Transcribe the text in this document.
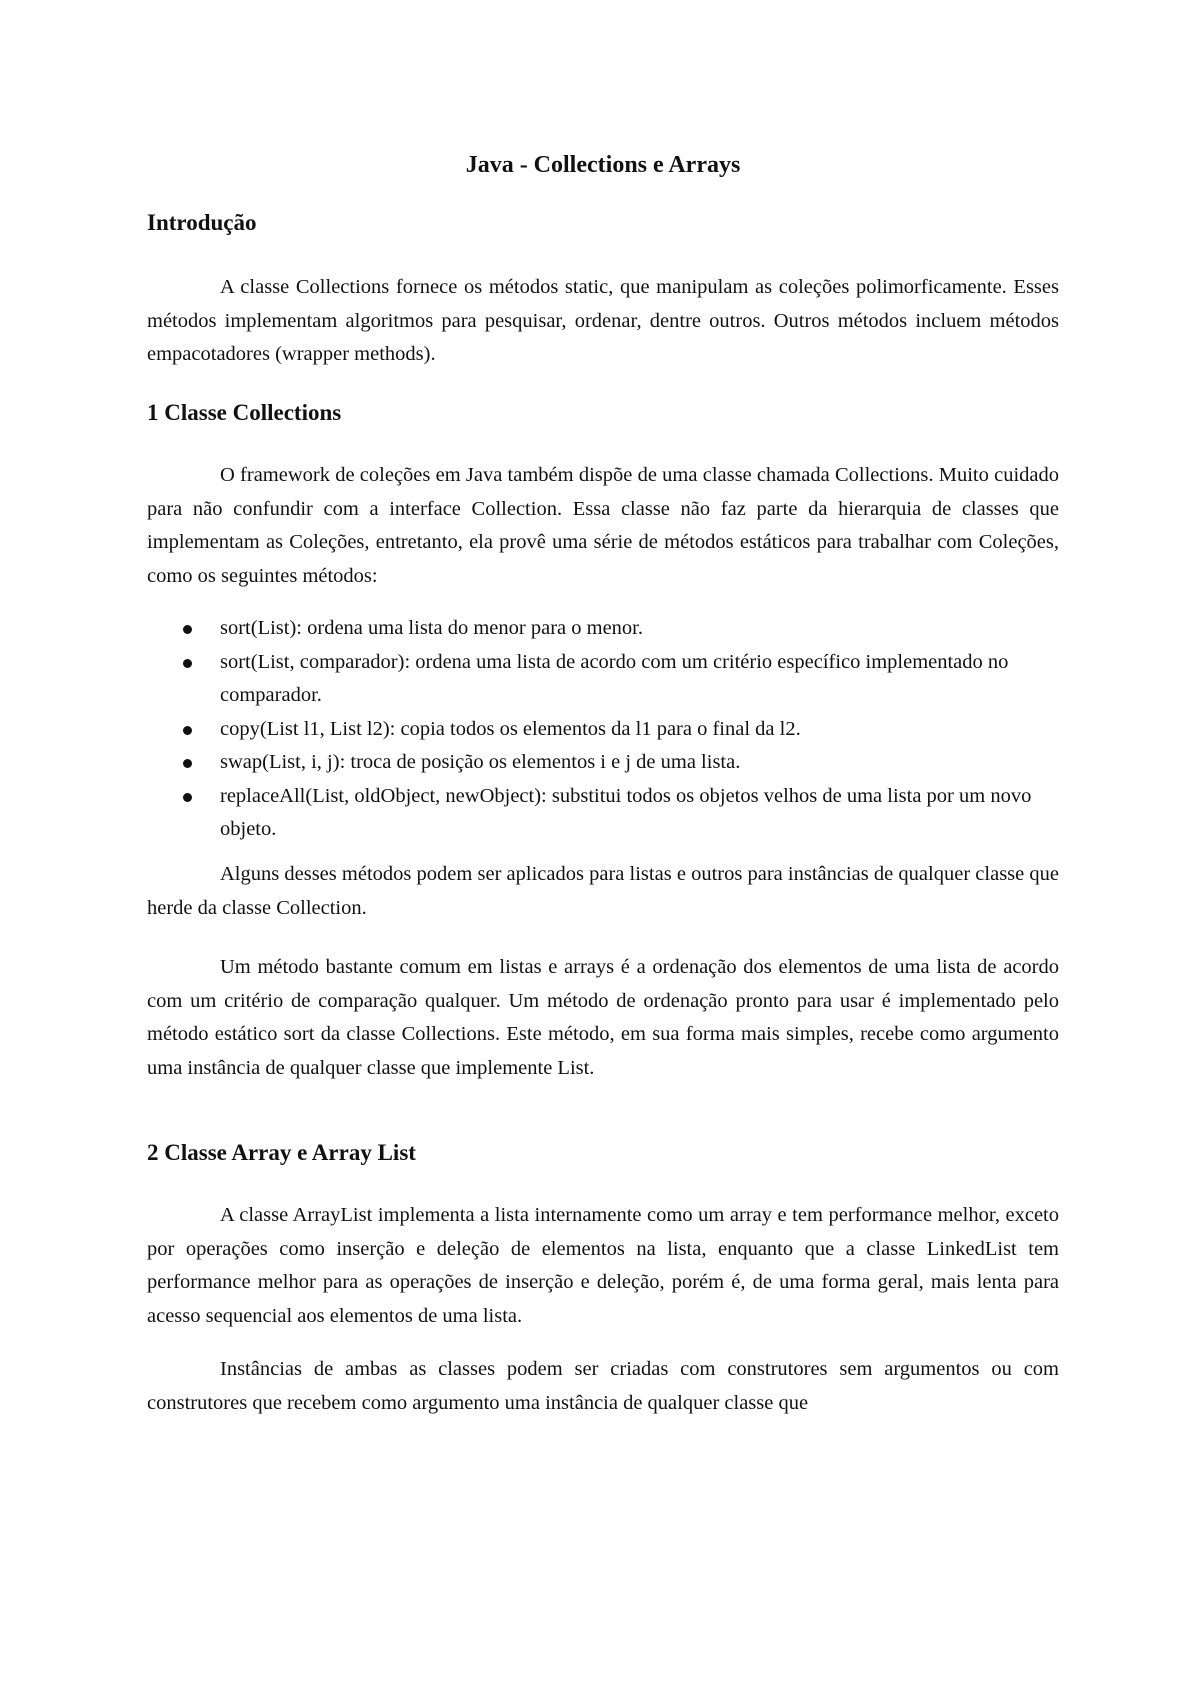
Java - Collections e Arrays
Introdução

A classe Collections fornece os métodos static, que manipulam as coleções polimorficamente. Esses métodos implementam algoritmos para pesquisar, ordenar, dentre outros. Outros métodos incluem métodos empacotadores (wrapper methods).

1 Classe Collections

O framework de coleções em Java também dispõe de uma classe chamada Collections. Muito cuidado para não confundir com a interface Collection. Essa classe não faz parte da hierarquia de classes que implementam as Coleções, entretanto, ela provê uma série de métodos estáticos para trabalhar com Coleções, como os seguintes métodos:

sort(List): ordena uma lista do menor para o menor.
sort(List, comparador): ordena uma lista de acordo com um critério específico implementado no comparador.
copy(List l1, List l2): copia todos os elementos da l1 para o final da l2.
swap(List, i, j): troca de posição os elementos i e j de uma lista.
replaceAll(List, oldObject, newObject): substitui todos os objetos velhos de uma lista por um novo objeto.

Alguns desses métodos podem ser aplicados para listas e outros para instâncias de qualquer classe que herde da classe Collection.

Um método bastante comum em listas e arrays é a ordenação dos elementos de uma lista de acordo com um critério de comparação qualquer. Um método de ordenação pronto para usar é implementado pelo método estático sort da classe Collections. Este método, em sua forma mais simples, recebe como argumento uma instância de qualquer classe que implemente List.

2 Classe Array e Array List

A classe ArrayList implementa a lista internamente como um array e tem performance melhor, exceto por operações como inserção e deleção de elementos na lista, enquanto que a classe LinkedList tem performance melhor para as operações de inserção e deleção, porém é, de uma forma geral, mais lenta para acesso sequencial aos elementos de uma lista.

Instâncias de ambas as classes podem ser criadas com construtores sem argumentos ou com construtores que recebem como argumento uma instância de qualquer classe que
